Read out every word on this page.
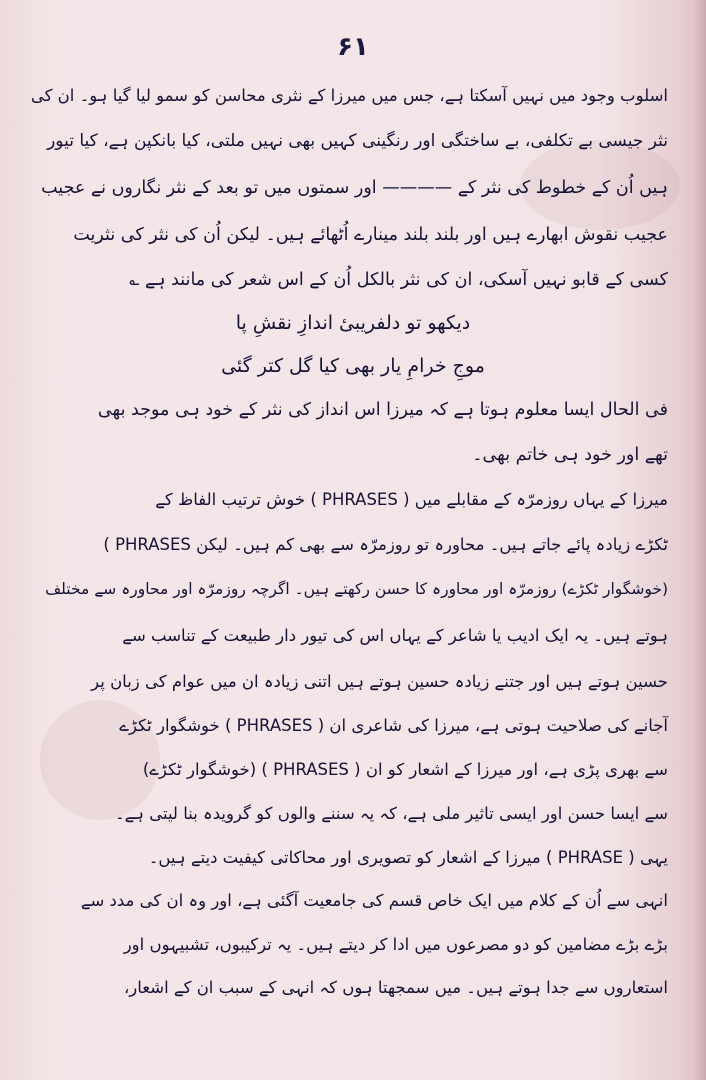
۶۱
اسلوب وجود میں نہیں آسکتا ہے، جس میں میرزا کے نثری محاسن کو سمو لیا گیا ہو۔ ان کی
نثر جیسی بے تکلفی، بے ساختگی اور رنگینی کہیں بھی نہیں ملتی، کیا بانکپن ہے، کیا تیور
ہیں اُن کے خطوط کی نثر کے ———— اور سمتوں میں تو بعد کے نثر نگاروں نے عجیب
عجیب نقوش ابھارے ہیں اور بلند بلند مینارے اُٹھائے ہیں۔ لیکن اُن کی نثر کی نثریت
کسی کے قابو نہیں آسکی، ان کی نثر بالکل اُن کے اس شعر کی مانند ہے ؎
دیکھو تو دلفریبیٔ اندازِ نقشِ پا
موجِ خرامِ یار بھی کیا گل کتر گئی
فی الحال ایسا معلوم ہوتا ہے کہ میرزا اس انداز کی نثر کے خود ہی موجد بھی
تھے اور خود ہی خاتم بھی۔
میرزا کے یہاں روزمرّہ کے مقابلے میں ( PHRASES ) خوش ترتیب الفاظ کے
ٹکڑے زیادہ پائے جاتے ہیں۔ محاورہ تو روزمرّہ سے بھی کم ہیں۔ لیکن PHRASES )
(خوشگوار ٹکڑے) روزمرّہ اور محاورہ کا حسن رکھتے ہیں۔ اگرچہ روزمرّہ اور محاورہ سے مختلف
ہوتے ہیں۔ یہ ایک ادیب یا شاعر کے یہاں اس کی تیور دار طبیعت کے تناسب سے
حسین ہوتے ہیں اور جتنے زیادہ حسین ہوتے ہیں اتنی زیادہ ان میں عوام کی زبان پر
آجانے کی صلاحیت ہوتی ہے، میرزا کی شاعری ان ( PHRASES ) خوشگوار ٹکڑے
سے بھری پڑی ہے، اور میرزا کے اشعار کو ان ( PHRASES ) (خوشگوار ٹکڑے)
سے ایسا حسن اور ایسی تاثیر ملی ہے، کہ یہ سننے والوں کو گرویدہ بنا لیتی ہے۔
یہی ( PHRASE ) میرزا کے اشعار کو تصویری اور محاکاتی کیفیت دیتے ہیں۔
انہی سے اُن کے کلام میں ایک خاص قسم کی جامعیت آگئی ہے، اور وہ ان کی مدد سے
بڑے بڑے مضامین کو دو مصرعوں میں ادا کر دیتے ہیں۔ یہ ترکیبوں، تشبیہوں اور
استعاروں سے جدا ہوتے ہیں۔ میں سمجھتا ہوں کہ انہی کے سبب ان کے اشعار،
